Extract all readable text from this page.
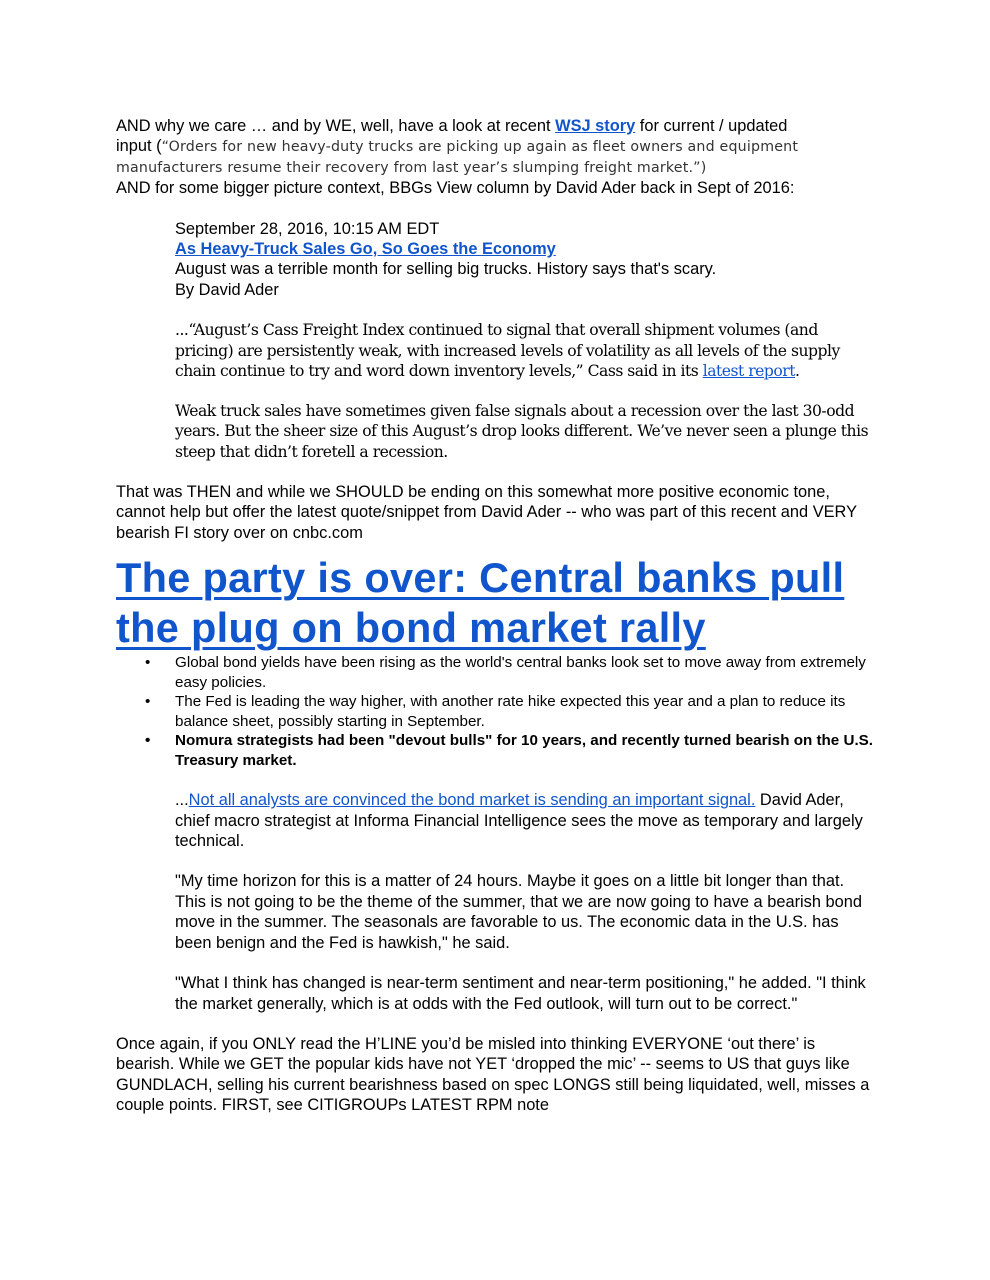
AND why we care … and by WE, well, have a look at recent WSJ story for current / updated

input (“Orders for new heavy-duty trucks are picking up again as fleet owners and equipment manufacturers resume their recovery from last year’s slumping freight market.”)

AND for some bigger picture context, BBGs View column by David Ader back in Sept of 2016:

September 28, 2016, 10:15 AM EDT

As Heavy-Truck Sales Go, So Goes the Economy

August was a terrible month for selling big trucks. History says that's scary.

By David Ader

...“August’s Cass Freight Index continued to signal that overall shipment volumes (and pricing) are persistently weak, with increased levels of volatility as all levels of the supply chain continue to try and word down inventory levels,” Cass said in its latest report.

Weak truck sales have sometimes given false signals about a recession over the last 30-odd years. But the sheer size of this August’s drop looks different. We’ve never seen a plunge this steep that didn’t foretell a recession.

That was THEN and while we SHOULD be ending on this somewhat more positive economic tone, cannot help but offer the latest quote/snippet from David Ader -- who was part of this recent and VERY bearish FI story over on cnbc.com

The party is over: Central banks pull the plug on bond market rally
• Global bond yields have been rising as the world's central banks look set to move away from extremely easy policies.
• The Fed is leading the way higher, with another rate hike expected this year and a plan to reduce its balance sheet, possibly starting in September.
• Nomura strategists had been "devout bulls" for 10 years, and recently turned bearish on the U.S. Treasury market.

...Not all analysts are convinced the bond market is sending an important signal. David Ader, chief macro strategist at Informa Financial Intelligence sees the move as temporary and largely technical.

"My time horizon for this is a matter of 24 hours. Maybe it goes on a little bit longer than that. This is not going to be the theme of the summer, that we are now going to have a bearish bond move in the summer. The seasonals are favorable to us. The economic data in the U.S. has been benign and the Fed is hawkish," he said.

"What I think has changed is near-term sentiment and near-term positioning," he added. "I think the market generally, which is at odds with the Fed outlook, will turn out to be correct."

Once again, if you ONLY read the H’LINE you’d be misled into thinking EVERYONE ‘out there’ is bearish. While we GET the popular kids have not YET ‘dropped the mic’ -- seems to US that guys like GUNDLACH, selling his current bearishness based on spec LONGS still being liquidated, well, misses a couple points. FIRST, see CITIGROUPs LATEST RPM note
